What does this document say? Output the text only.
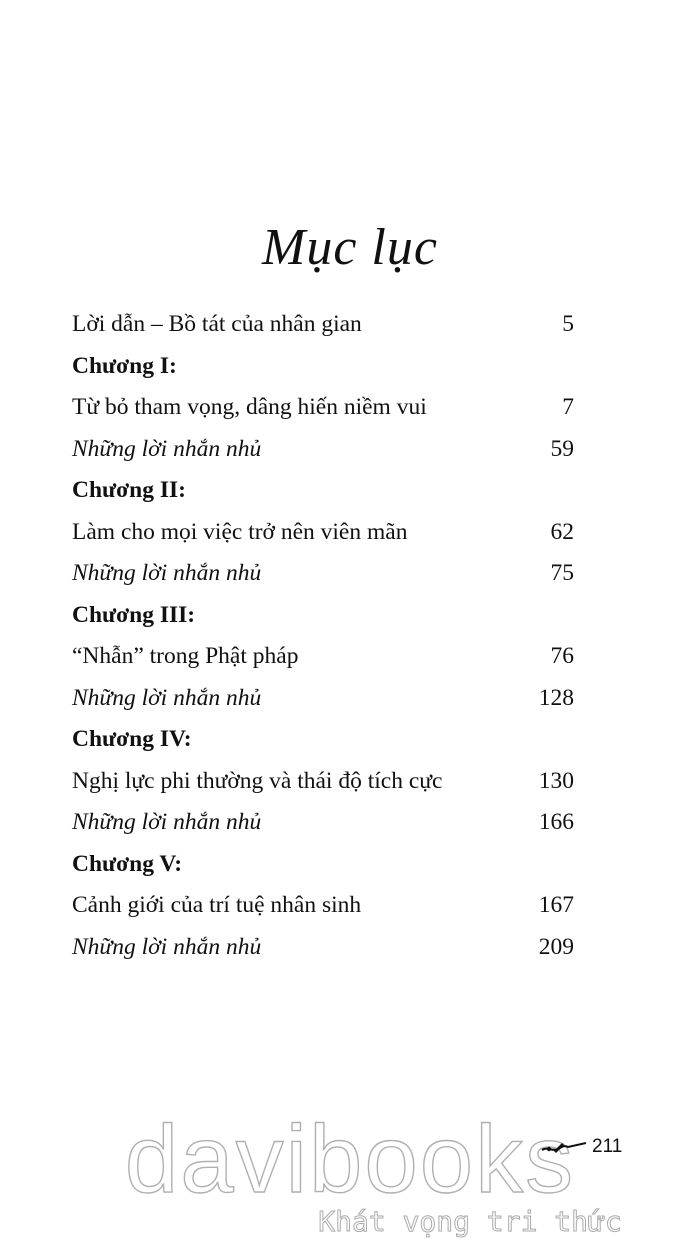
Mục lục
Lời dẫn – Bồ tát của nhân gian	5
Chương I:
Từ bỏ tham vọng, dâng hiến niềm vui	7
Những lời nhắn nhủ	59
Chương II:
Làm cho mọi việc trở nên viên mãn	62
Những lời nhắn nhủ	75
Chương III:
“Nhẫn” trong Phật pháp	76
Những lời nhắn nhủ	128
Chương IV:
Nghị lực phi thường và thái độ tích cực	130
Những lời nhắn nhủ	166
Chương V:
Cảnh giới của trí tuệ nhân sinh	167
Những lời nhắn nhủ	209
davibooks
Khát vọng tri thức
211
